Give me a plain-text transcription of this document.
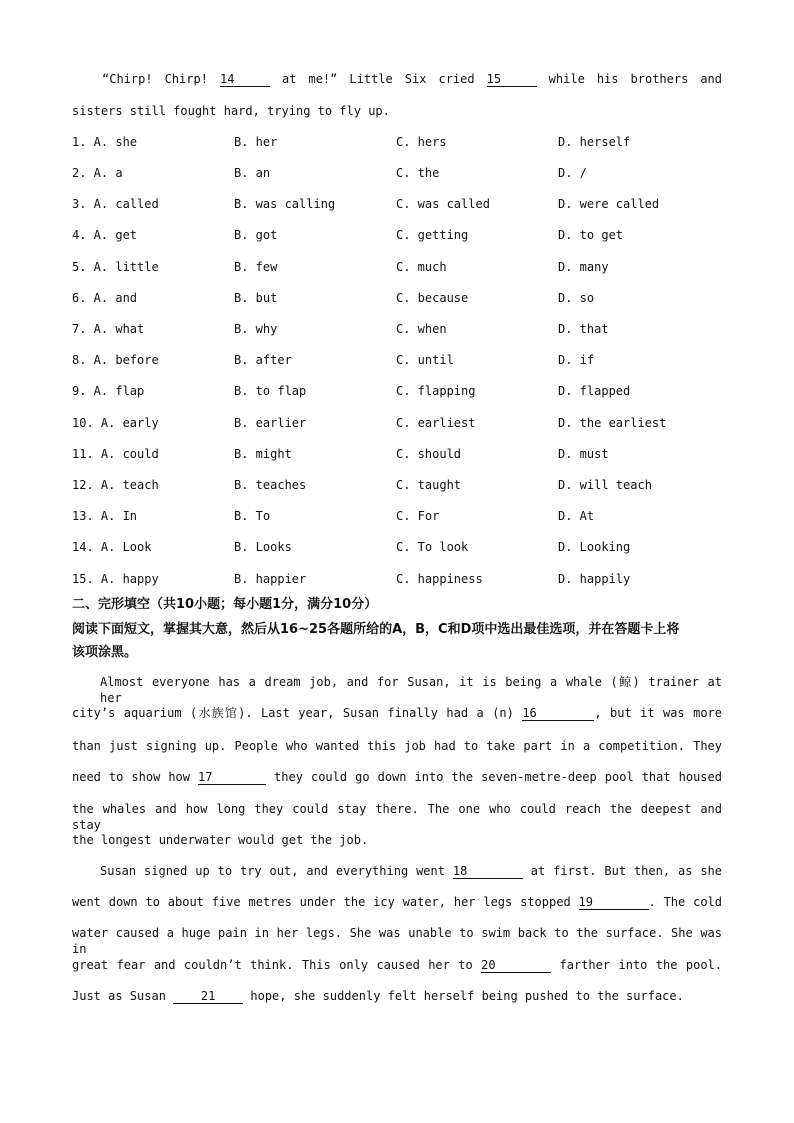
“Chirp! Chirp! 14	at me!” Little Six cried 15	while his brothers and
sisters still fought hard, trying to fly up.
1. A. she	B. her	C. hers	D. herself
2. A. a	B. an	C. the	D. /
3. A. called	B. was calling	C. was called	D. were called
4. A. get	B. got	C. getting	D. to get
5. A. little	B. few	C. much	D. many
6. A. and	B. but	C. because	D. so
7. A. what	B. why	C. when	D. that
8. A. before	B. after	C. until	D. if
9. A. flap	B. to flap	C. flapping	D. flapped
10. A. early	B. earlier	C. earliest	D. the earliest
11. A. could	B. might	C. should	D. must
12. A. teach	B. teaches	C. taught	D. will teach
13. A. In	B. To	C. For	D. At
14. A. Look	B. Looks	C. To look	D. Looking
15. A. happy	B. happier	C. happiness	D. happily
二、完形填空（共10小题；每小题1分，满分10分）
阅读下面短文，掌握其大意，然后从16~25各题所给的A，B，C和D项中选出最佳选项，并在答题卡上将
该项涂黑。
Almost everyone has a dream job, and for Susan, it is being a whale (鲸) trainer at her
city’s aquarium (水族馆). Last year, Susan finally had a (n) 16	, but it was more
than just signing up. People who wanted this job had to take part in a competition. They
need to show how 17	they could go down into the seven-metre-deep pool that housed
the whales and how long they could stay there. The one who could reach the deepest and stay
the longest underwater would get the job.
Susan signed up to try out, and everything went 18	at first. But then, as she
went down to about five metres under the icy water, her legs stopped 19	. The cold
water caused a huge pain in her legs. She was unable to swim back to the surface. She was in
great fear and couldn’t think. This only caused her to 20	farther into the pool.
Just as Susan 21 hope, she suddenly felt herself being pushed to the surface.
